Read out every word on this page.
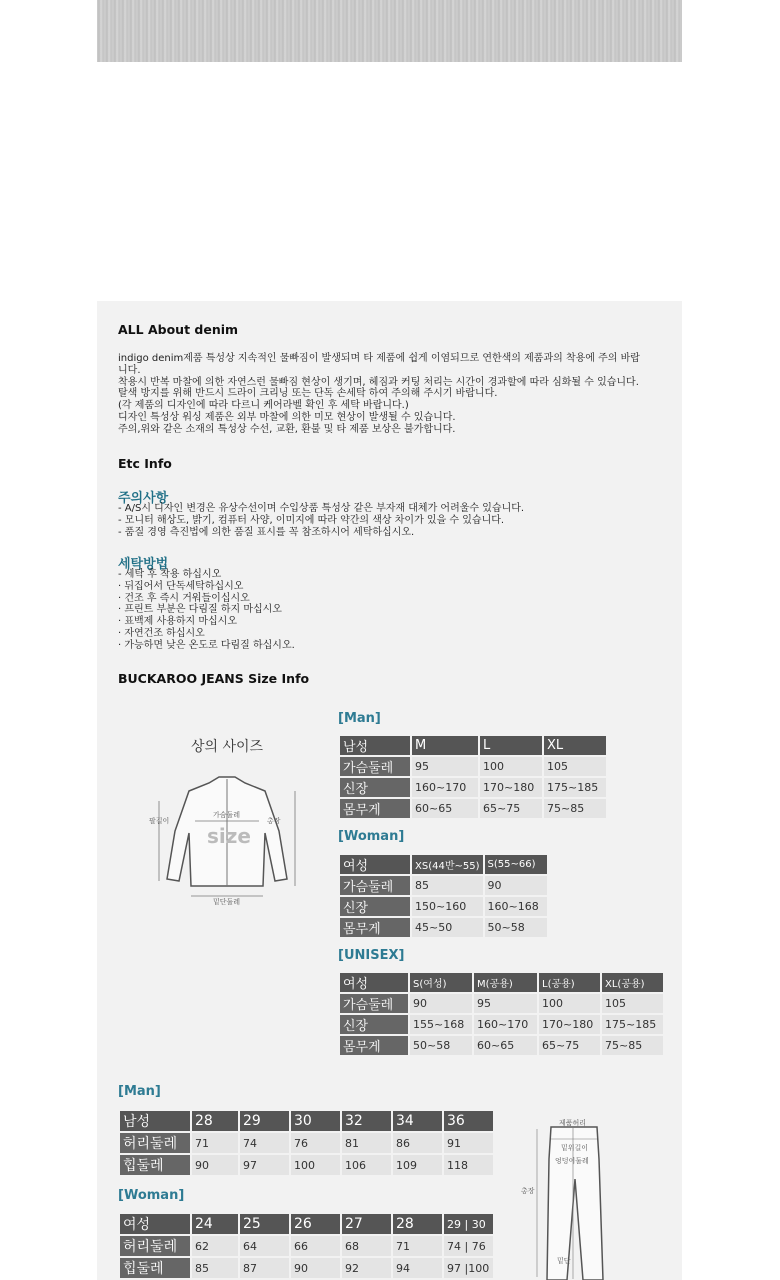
ALL About denim
indigo denim제품 특성상 지속적인 물빠짐이 발생되며 타 제품에 쉽게 이염되므로 연한색의 제품과의 착용에 주의 바랍
니다.
착용시 반복 마찰에 의한 자연스런 물빠짐 현상이 생기며, 헤짐과 커팅 처리는 시간이 경과할에 따라 심화될 수 있습니다.
탈색 방지를 위해 반드시 드라이 크리닝 또는 단독 손세탁 하여 주의해 주시기 바랍니다.
(각 제품의 디자인에 따라 다르니 케어라벨 확인 후 세탁 바랍니다.)
디자인 특성상 워싱 제품은 외부 마찰에 의한 미모 현상이 발생될 수 있습니다.
주의,위와 같은 소재의 특성상 수선, 교환, 환불 및 타 제품 보상은 불가합니다.
Etc Info
주의사항
- A/S시 디자인 변경은 유상수선이며 수입상품 특성상 같은 부자재 대체가 어려울수 있습니다.
- 모니터 해상도, 밝기, 컴퓨터 사양, 이미지에 따라 약간의 색상 차이가 있을 수 있습니다.
- 품질 경영 측진법에 의한 품질 표시를 꼭 참조하시어 세탁하십시오.
세탁방법
- 세탁 후 착용 하십시오
· 뒤집어서 단독세탁하십시오
· 건조 후 즉시 거워들이십시오
· 프린트 부분은 다림질 하지 마십시오
· 표백제 사용하지 마십시오
· 자연건조 하십시오
· 가능하면 낮은 온도로 다림질 하십시오.
BUCKAROO JEANS Size Info
상의 사이즈
팔길이
가슴둘레
총장
밑단둘레
size
[Man]
남성	M	L	XL
가슴둘레	95	100	105
신장	160~170	170~180	175~185
몸무게	60~65	65~75	75~85
[Woman]
여성	XS(44반~55)	S(55~66)
가슴둘레	85	90
신장	150~160	160~168
몸무게	45~50	50~58
[UNISEX]
여성	S(여성)	M(공용)	L(공용)	XL(공용)
가슴둘레	90	95	100	105
신장	155~168	160~170	170~180	175~185
몸무게	50~58	60~65	65~75	75~85
[Man]
남성	28	29	30	32	34	36
허리둘레	71	74	76	81	86	91
힙둘레	90	97	100	106	109	118
[Woman]
여성	24	25	26	27	28	29 | 30
허리둘레	62	64	66	68	71	74 | 76
힙둘레	85	87	90	92	94	97 |100
제품허리
밑위길이
엉덩이둘레
총장
밑단
